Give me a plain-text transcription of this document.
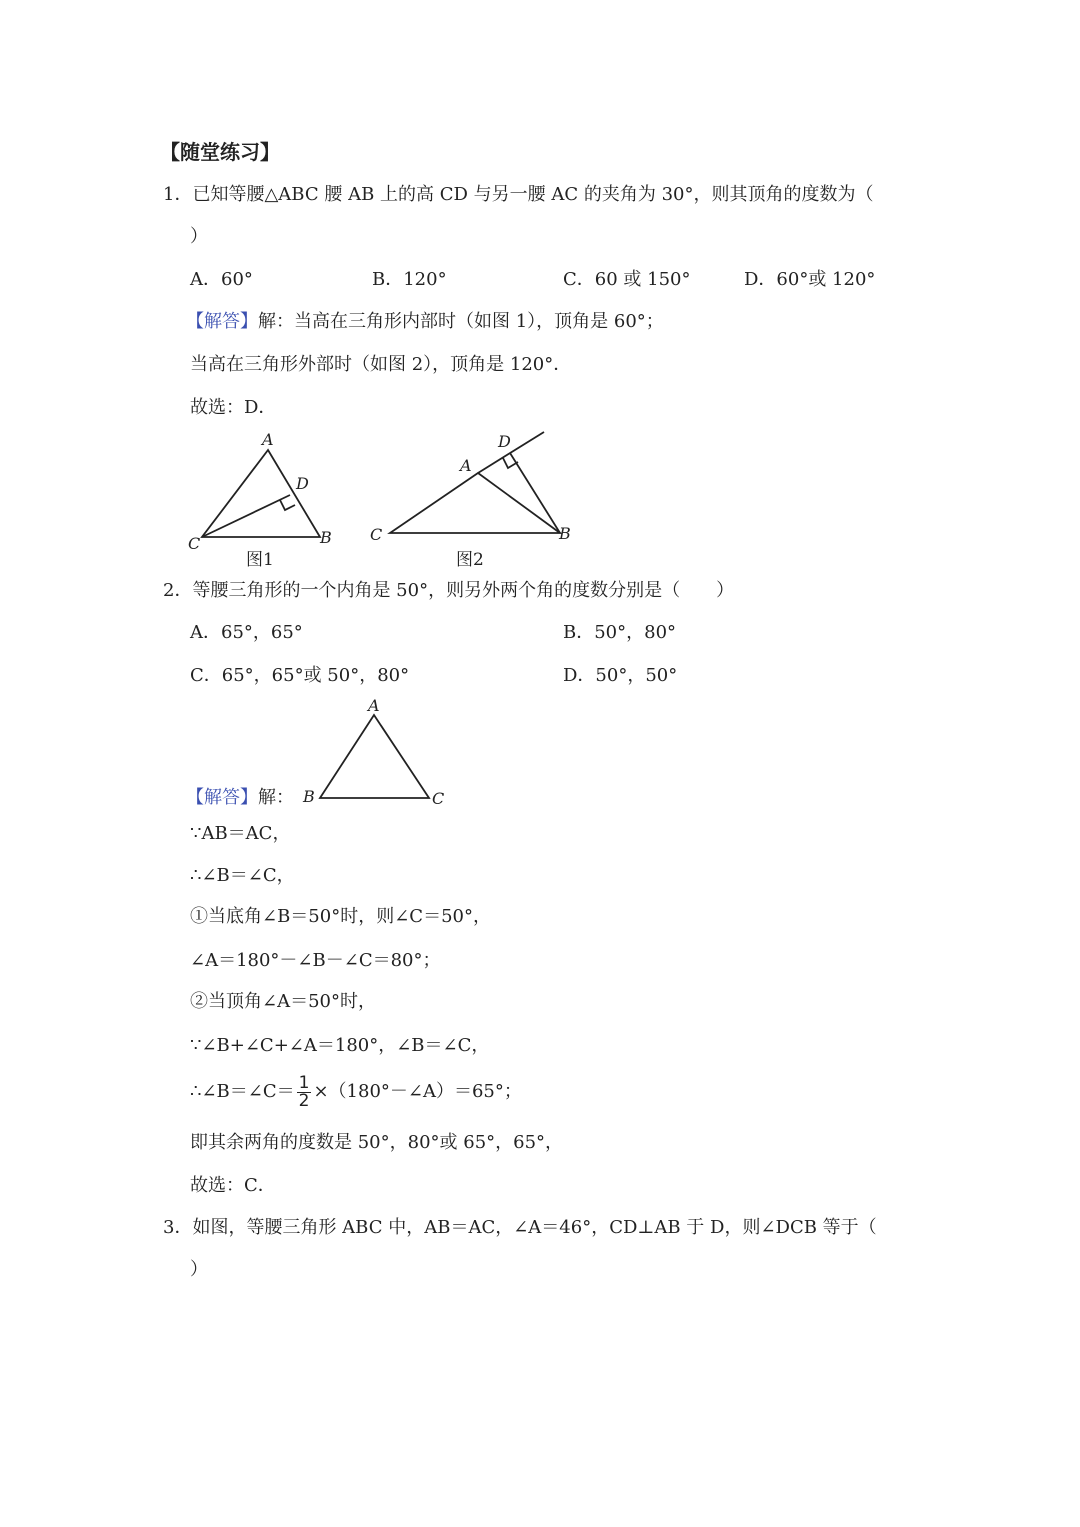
【随堂练习】
1．已知等腰△ABC 腰 AB 上的高 CD 与另一腰 AC 的夹角为 30°，则其顶角的度数为（
）
A．60°	B．120°	C．60 或 150°	D．60°或 120°
【解答】解：当高在三角形内部时（如图 1），顶角是 60°；
当高在三角形外部时（如图 2），顶角是 120°．
故选：D．
A
D
C	B
图1
D
A
C	B
图2
2．等腰三角形的一个内角是 50°，则另外两个角的度数分别是（　　）
A．65°，65°	B．50°，80°
C．65°，65°或 50°，80°	D．50°，50°
A
B	C
【解答】解：
∵AB＝AC，
∴∠B＝∠C，
①当底角∠B＝50°时，则∠C＝50°，
∠A＝180°－∠B－∠C＝80°；
②当顶角∠A＝50°时，
∵∠B+∠C+∠A＝180°，∠B＝∠C，
∴∠B＝∠C＝ $\frac{1}{2}$ ×（180°－∠A）＝65°；
即其余两角的度数是 50°，80°或 65°，65°，
故选：C．
3．如图，等腰三角形 ABC 中，AB＝AC，∠A＝46°，CD⊥AB 于 D，则∠DCB 等于（
）
